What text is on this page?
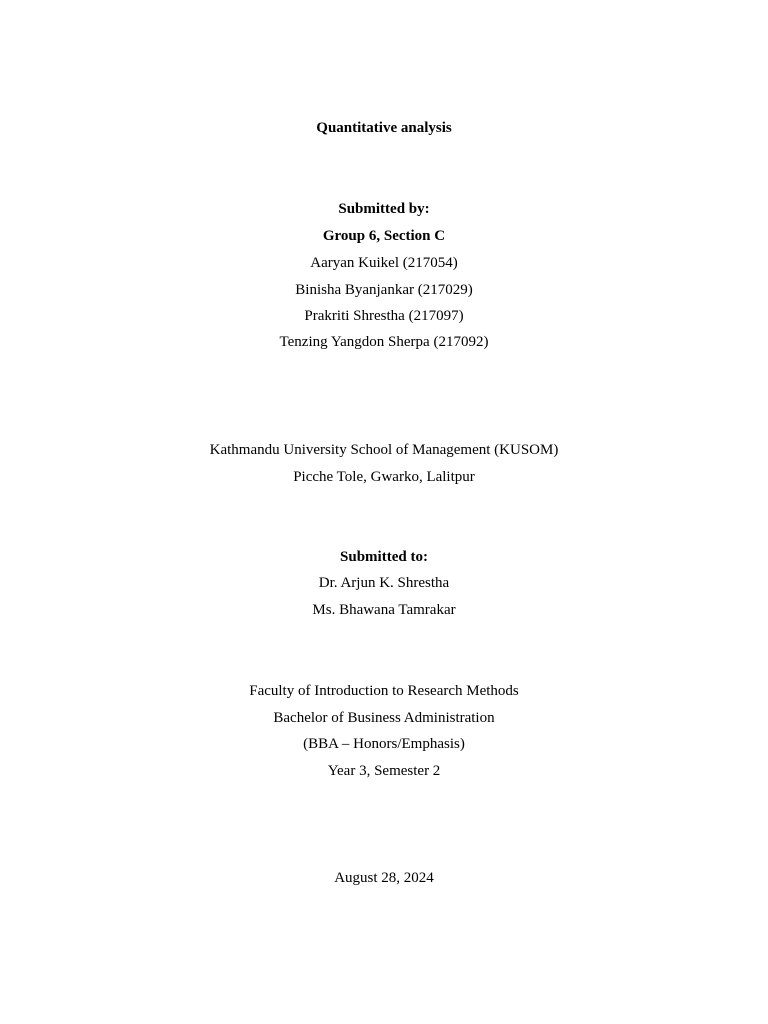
Quantitative analysis
Submitted by:
Group 6, Section C
Aaryan Kuikel (217054)
Binisha Byanjankar (217029)
Prakriti Shrestha (217097)
Tenzing Yangdon Sherpa (217092)
Kathmandu University School of Management (KUSOM)
Picche Tole, Gwarko, Lalitpur
Submitted to:
Dr. Arjun K. Shrestha
Ms. Bhawana Tamrakar
Faculty of Introduction to Research Methods
Bachelor of Business Administration
(BBA – Honors/Emphasis)
Year 3, Semester 2
August 28, 2024
